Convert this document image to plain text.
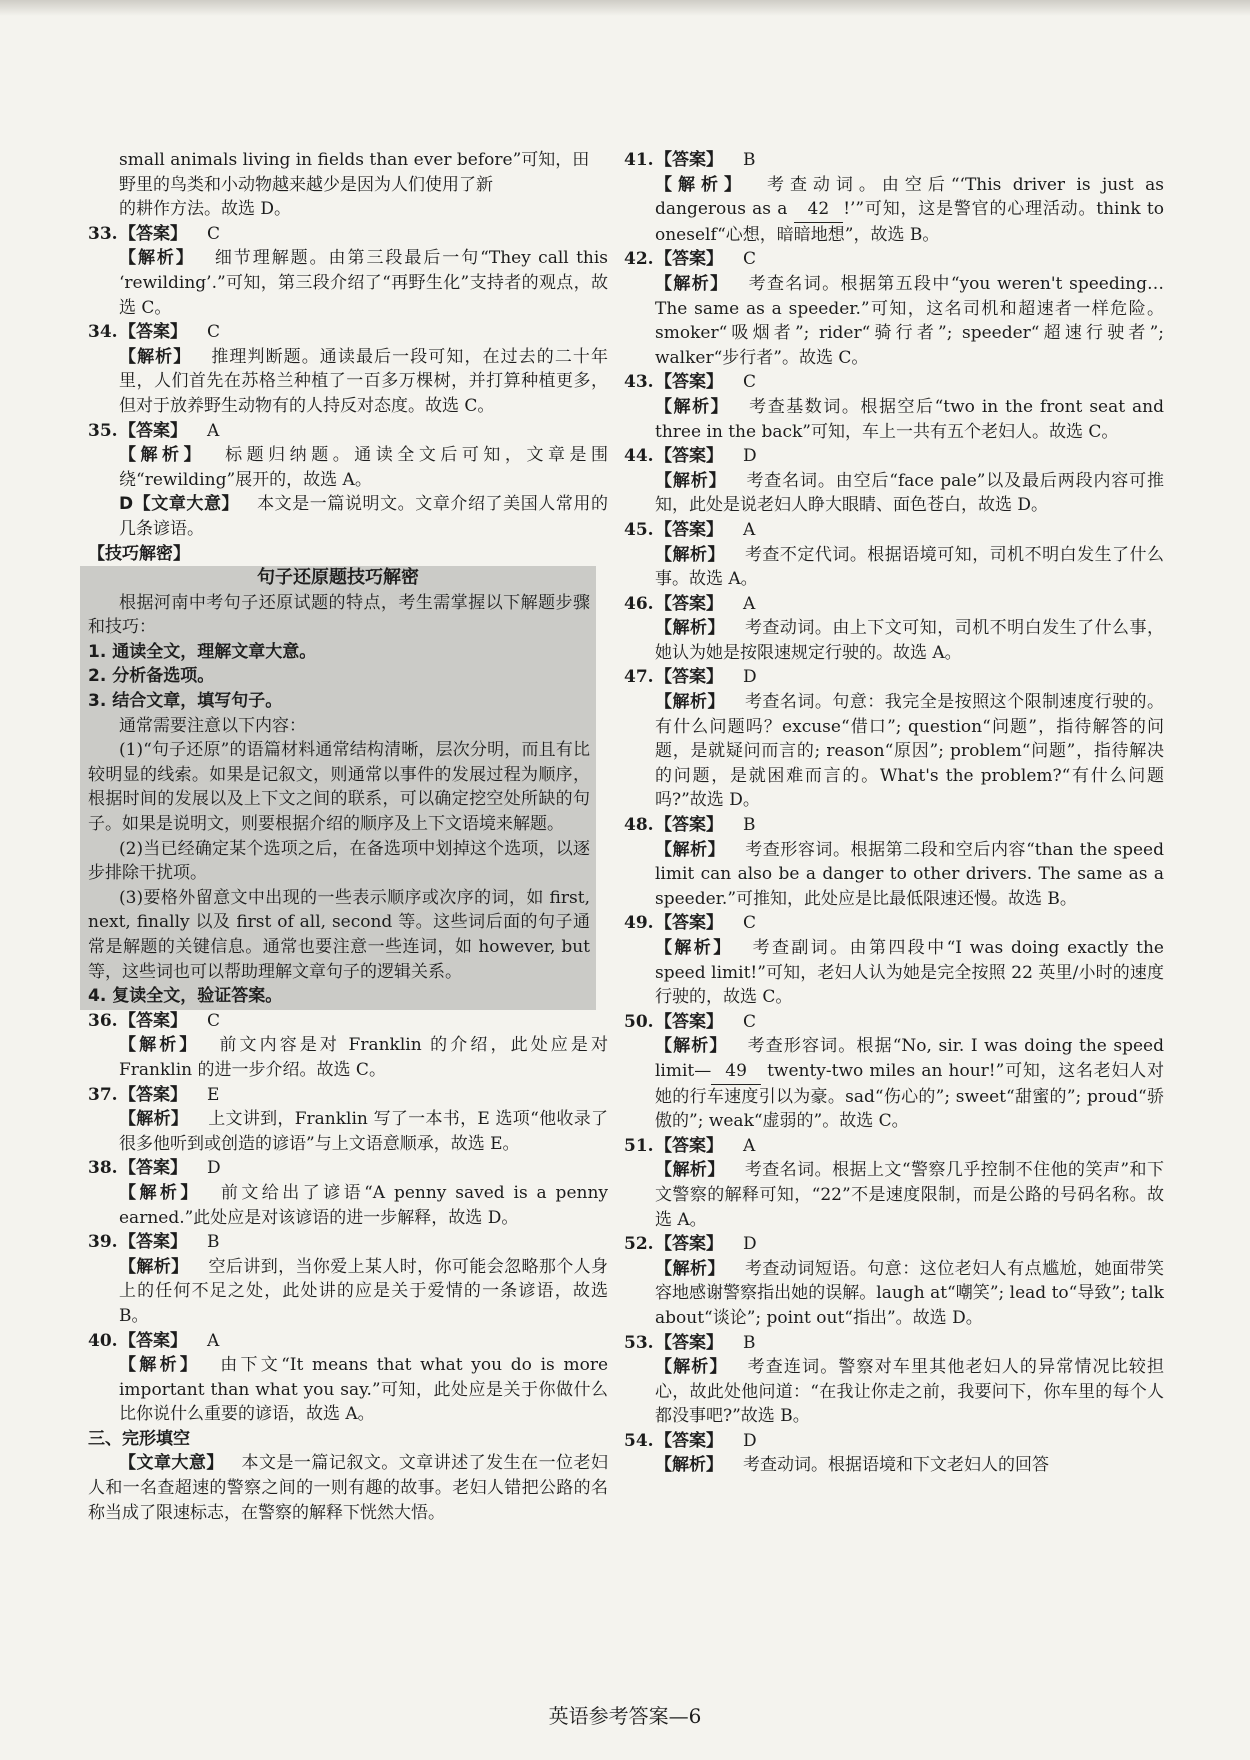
small animals living in fields than ever before”可知，田

野里的鸟类和小动物越来越少是因为人们使用了新

的耕作方法。故选 D。

33. 【答案】 C

【解析】 细节理解题。由第三段最后一句“They call this ‘rewilding’.”可知，第三段介绍了“再野生化”支持者的观点，故选 C。

34. 【答案】 C

【解析】 推理判断题。通读最后一段可知，在过去的二十年里，人们首先在苏格兰种植了一百多万棵树，并打算种植更多，但对于放养野生动物有的人持反对态度。故选 C。

35. 【答案】 A

【解析】 标题归纳题。通读全文后可知，文章是围绕“rewilding”展开的，故选 A。

D【文章大意】 本文是一篇说明文。文章介绍了美国人常用的几条谚语。

【技巧解密】
句子还原题技巧解密

根据河南中考句子还原试题的特点，考生需掌握以下解题步骤和技巧：

1. 通读全文，理解文章大意。

2. 分析备选项。

3. 结合文章，填写句子。

通常需要注意以下内容：

(1)“句子还原”的语篇材料通常结构清晰，层次分明，而且有比较明显的线索。如果是记叙文，则通常以事件的发展过程为顺序，根据时间的发展以及上下文之间的联系，可以确定挖空处所缺的句子。如果是说明文，则要根据介绍的顺序及上下文语境来解题。

(2)当已经确定某个选项之后，在备选项中划掉这个选项，以逐步排除干扰项。

(3)要格外留意文中出现的一些表示顺序或次序的词，如 first, next, finally 以及 first of all, second 等。这些词后面的句子通常是解题的关键信息。通常也要注意一些连词，如 however, but 等，这些词也可以帮助理解文章句子的逻辑关系。

4. 复读全文，验证答案。

36. 【答案】 C

【解析】 前文内容是对 Franklin 的介绍，此处应是对 Franklin 的进一步介绍。故选 C。

37. 【答案】 E

【解析】 上文讲到，Franklin 写了一本书，E 选项“他收录了很多他听到或创造的谚语”与上文语意顺承，故选 E。

38. 【答案】 D

【解析】 前文给出了谚语“A penny saved is a penny earned.”此处应是对该谚语的进一步解释，故选 D。

39. 【答案】 B

【解析】 空后讲到，当你爱上某人时，你可能会忽略那个人身上的任何不足之处，此处讲的应是关于爱情的一条谚语，故选 B。

40. 【答案】 A

【解析】 由下文“It means that what you do is more important than what you say.”可知，此处应是关于你做什么比你说什么重要的谚语，故选 A。

三、完形填空

【文章大意】 本文是一篇记叙文。文章讲述了发生在一位老妇人和一名查超速的警察之间的一则有趣的故事。老妇人错把公路的名称当成了限速标志，在警察的解释下恍然大悟。

41. 【答案】 B

【解析】 考查动词。由空后“‘This driver is just as dangerous as a 42 !’”可知，这是警官的心理活动。think to oneself“心想，暗暗地想”，故选 B。

42. 【答案】 C

【解析】 考查名词。根据第五段中“you weren't speeding…The same as a speeder.”可知，这名司机和超速者一样危险。smoker“吸烟者”; rider“骑行者”; speeder“超速行驶者”; walker“步行者”。故选 C。

43. 【答案】 C

【解析】 考查基数词。根据空后“two in the front seat and three in the back”可知，车上一共有五个老妇人。故选 C。

44. 【答案】 D

【解析】 考查名词。由空后“face pale”以及最后两段内容可推知，此处是说老妇人睁大眼睛、面色苍白，故选 D。

45. 【答案】 A

【解析】 考查不定代词。根据语境可知，司机不明白发生了什么事。故选 A。

46. 【答案】 A

【解析】 考查动词。由上下文可知，司机不明白发生了什么事，她认为她是按限速规定行驶的。故选 A。

47. 【答案】 D

【解析】 考查名词。句意：我完全是按照这个限制速度行驶的。有什么问题吗？excuse“借口”; question“问题”，指待解答的问题，是就疑问而言的; reason“原因”; problem“问题”，指待解决的问题，是就困难而言的。What's the problem?“有什么问题吗?”故选 D。

48. 【答案】 B

【解析】 考查形容词。根据第二段和空后内容“than the speed limit can also be a danger to other drivers. The same as a speeder.”可推知，此处应是比最低限速还慢。故选 B。

49. 【答案】 C

【解析】 考查副词。由第四段中“I was doing exactly the speed limit!”可知，老妇人认为她是完全按照 22 英里/小时的速度行驶的，故选 C。

50. 【答案】 C

【解析】 考查形容词。根据“No, sir. I was doing the speed limit— 49 twenty-two miles an hour!”可知，这名老妇人对她的行车速度引以为豪。sad“伤心的”; sweet“甜蜜的”; proud“骄傲的”; weak“虚弱的”。故选 C。

51. 【答案】 A

【解析】 考查名词。根据上文“警察几乎控制不住他的笑声”和下文警察的解释可知，“22”不是速度限制，而是公路的号码名称。故选 A。

52. 【答案】 D

【解析】 考查动词短语。句意：这位老妇人有点尴尬，她面带笑容地感谢警察指出她的误解。laugh at“嘲笑”; lead to“导致”; talk about“谈论”; point out“指出”。故选 D。

53. 【答案】 B

【解析】 考查连词。警察对车里其他老妇人的异常情况比较担心，故此处他问道：“在我让你走之前，我要问下，你车里的每个人都没事吧?”故选 B。

54. 【答案】 D

【解析】 考查动词。根据语境和下文老妇人的回答

英语参考答案—6
